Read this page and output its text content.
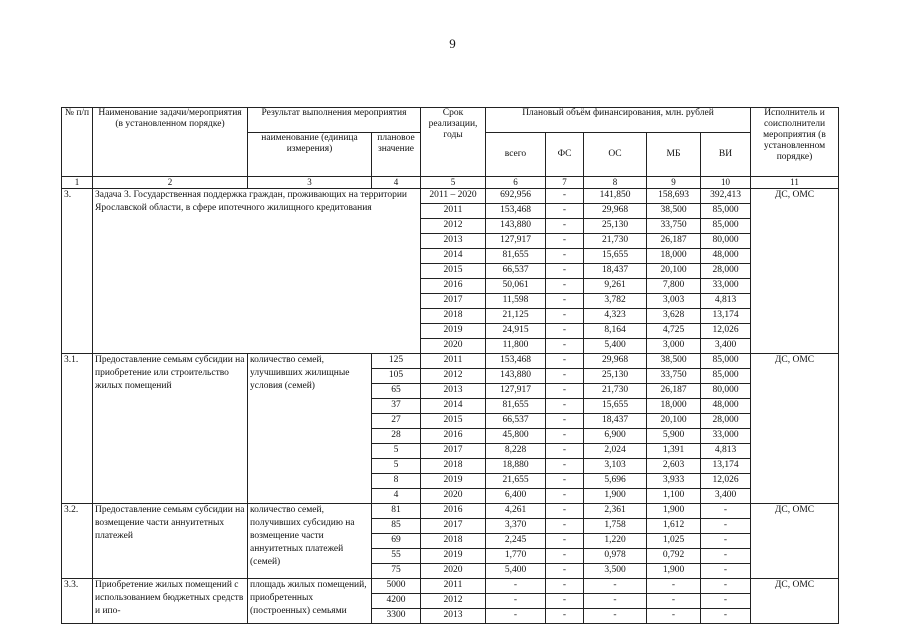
9
№ п/п	Наименование задачи/мероприятия (в установленном порядке)	Результат выполнения мероприятия		Срок реализации, годы	Плановый объём финансирования, млн. рублей					Исполнитель и соисполнители мероприятия (в установленном порядке)
		наименование (единица измерения)	плановое значение		всего	ФС	ОС	МБ	ВИ	
1	2	3	4	5	6	7	8	9	10	11
3.	Задача 3. Государственная поддержка граждан, проживающих на территории Ярославской области, в сфере ипотечного жилищного кредитования			2011 – 2020	692,956	-	141,850	158,693	392,413	ДС, ОМС
				2011	153,468	-	29,968	38,500	85,000	
				2012	143,880	-	25,130	33,750	85,000	
				2013	127,917	-	21,730	26,187	80,000	
				2014	81,655	-	15,655	18,000	48,000	
				2015	66,537	-	18,437	20,100	28,000	
				2016	50,061	-	9,261	7,800	33,000	
				2017	11,598	-	3,782	3,003	4,813	
				2018	21,125	-	4,323	3,628	13,174	
				2019	24,915	-	8,164	4,725	12,026	
				2020	11,800	-	5,400	3,000	3,400	
3.1.	Предоставление семьям субсидии на приобретение или строительство жилых помещений	количество семей, улучшивших жилищные условия (семей)	125	2011	153,468	-	29,968	38,500	85,000	ДС, ОМС
			105	2012	143,880	-	25,130	33,750	85,000	
			65	2013	127,917	-	21,730	26,187	80,000	
			37	2014	81,655	-	15,655	18,000	48,000	
			27	2015	66,537	-	18,437	20,100	28,000	
			28	2016	45,800	-	6,900	5,900	33,000	
			5	2017	8,228	-	2,024	1,391	4,813	
			5	2018	18,880	-	3,103	2,603	13,174	
			8	2019	21,655	-	5,696	3,933	12,026	
			4	2020	6,400	-	1,900	1,100	3,400	
3.2.	Предоставление семьям субсидии на возмещение части аннуитетных платежей	количество семей, получивших субсидию на возмещение части аннуитетных платежей (семей)	81	2016	4,261	-	2,361	1,900	-	ДС, ОМС
			85	2017	3,370	-	1,758	1,612	-	
			69	2018	2,245	-	1,220	1,025	-	
			55	2019	1,770	-	0,978	0,792	-	
			75	2020	5,400	-	3,500	1,900	-	
3.3.	Приобретение жилых помещений с использованием бюджетных средств и ипо-	площадь жилых помещений, приобретенных (построенных) семьями	5000	2011	-	-	-	-	-	ДС, ОМС
			4200	2012	-	-	-	-	-	
			3300	2013	-	-	-	-	-	
